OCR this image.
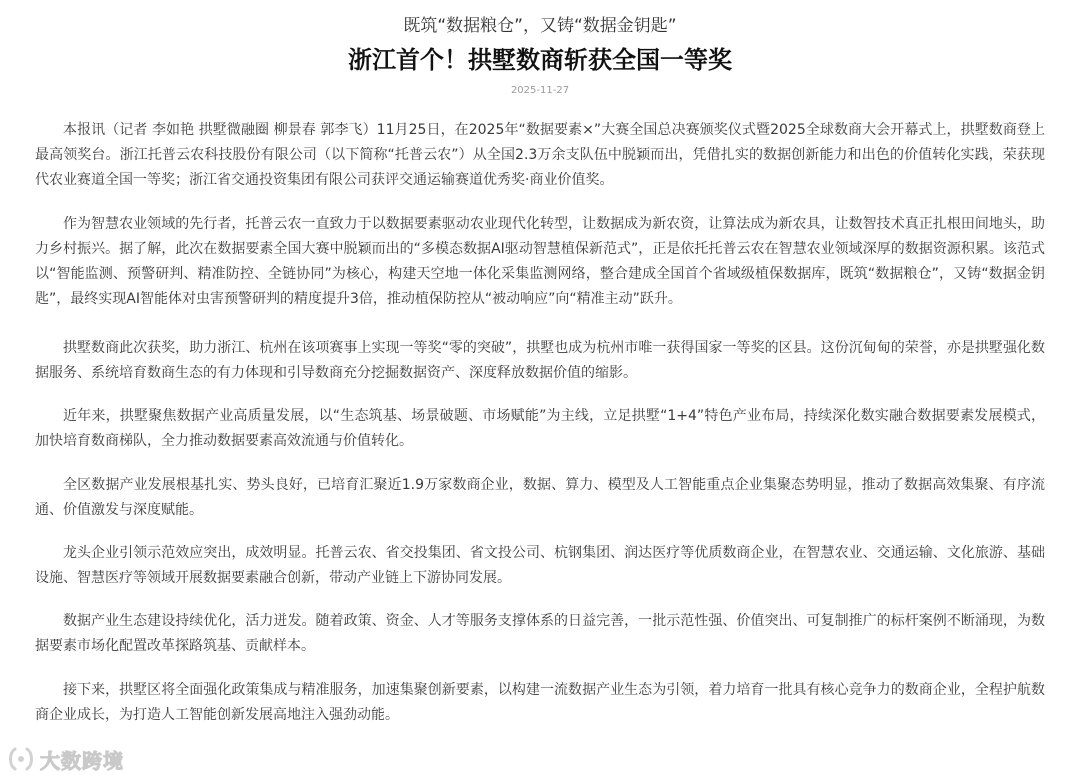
既筑“数据粮仓”，又铸“数据金钥匙”
浙江首个！拱墅数商斩获全国一等奖
2025-11-27

本报讯（记者 李如艳 拱墅微融圈 柳景春 郭李飞）11月25日，在2025年“数据要素×”大赛全国总决赛颁奖仪式暨2025全球数商大会开幕式上，拱墅数商登上最高领奖台。浙江托普云农科技股份有限公司（以下简称“托普云农”）从全国2.3万余支队伍中脱颖而出，凭借扎实的数据创新能力和出色的价值转化实践，荣获现代农业赛道全国一等奖；浙江省交通投资集团有限公司获评交通运输赛道优秀奖·商业价值奖。

作为智慧农业领域的先行者，托普云农一直致力于以数据要素驱动农业现代化转型，让数据成为新农资，让算法成为新农具，让数智技术真正扎根田间地头，助力乡村振兴。据了解，此次在数据要素全国大赛中脱颖而出的“多模态数据AI驱动智慧植保新范式”，正是依托托普云农在智慧农业领域深厚的数据资源积累。该范式以“智能监测、预警研判、精准防控、全链协同”为核心，构建天空地一体化采集监测网络，整合建成全国首个省域级植保数据库，既筑“数据粮仓”，又铸“数据金钥匙”，最终实现AI智能体对虫害预警研判的精度提升3倍，推动植保防控从“被动响应”向“精准主动”跃升。

拱墅数商此次获奖，助力浙江、杭州在该项赛事上实现一等奖“零的突破”，拱墅也成为杭州市唯一获得国家一等奖的区县。这份沉甸甸的荣誉，亦是拱墅强化数据服务、系统培育数商生态的有力体现和引导数商充分挖掘数据资产、深度释放数据价值的缩影。

近年来，拱墅聚焦数据产业高质量发展，以“生态筑基、场景破题、市场赋能”为主线，立足拱墅“1+4”特色产业布局，持续深化数实融合数据要素发展模式，加快培育数商梯队，全力推动数据要素高效流通与价值转化。

全区数据产业发展根基扎实、势头良好，已培育汇聚近1.9万家数商企业，数据、算力、模型及人工智能重点企业集聚态势明显，推动了数据高效集聚、有序流通、价值激发与深度赋能。

龙头企业引领示范效应突出，成效明显。托普云农、省交投集团、省文投公司、杭钢集团、润达医疗等优质数商企业，在智慧农业、交通运输、文化旅游、基础设施、智慧医疗等领域开展数据要素融合创新，带动产业链上下游协同发展。

数据产业生态建设持续优化，活力迸发。随着政策、资金、人才等服务支撑体系的日益完善，一批示范性强、价值突出、可复制推广的标杆案例不断涌现，为数据要素市场化配置改革探路筑基、贡献样本。

接下来，拱墅区将全面强化政策集成与精准服务，加速集聚创新要素，以构建一流数据产业生态为引领，着力培育一批具有核心竞争力的数商企业，全程护航数商企业成长，为打造人工智能创新发展高地注入强劲动能。

大数跨境
